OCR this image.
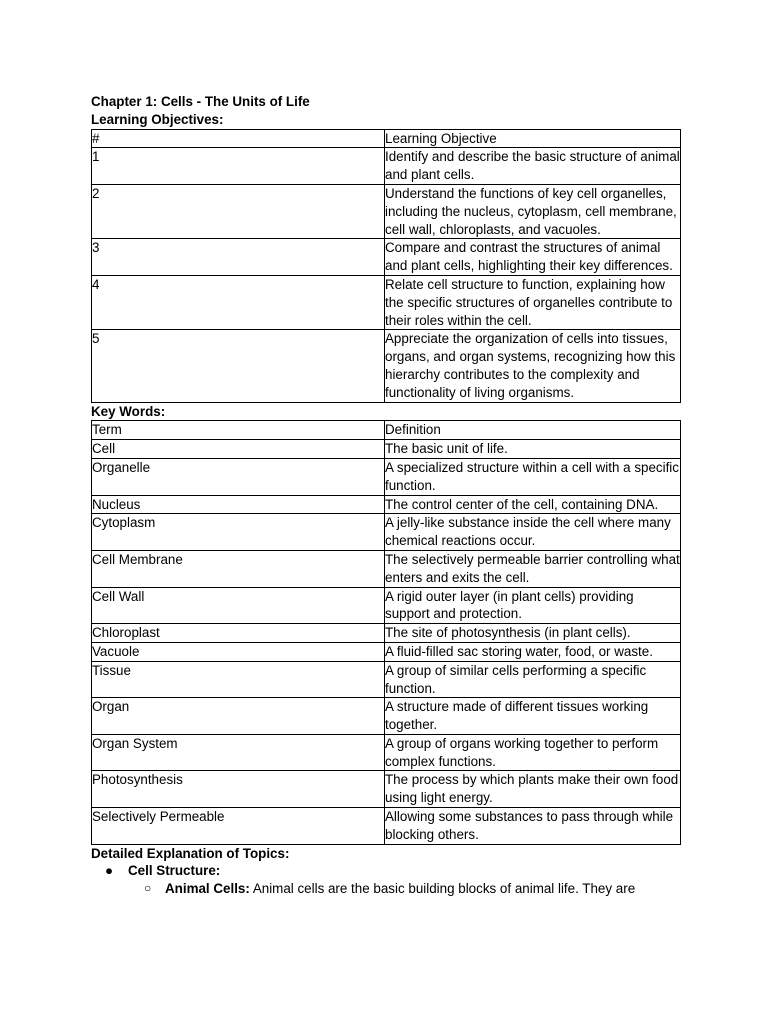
Chapter 1: Cells - The Units of Life

Learning Objectives:

#	Learning Objective
1	Identify and describe the basic structure of animal and plant cells.
2	Understand the functions of key cell organelles, including the nucleus, cytoplasm, cell membrane, cell wall, chloroplasts, and vacuoles.
3	Compare and contrast the structures of animal and plant cells, highlighting their key differences.
4	Relate cell structure to function, explaining how the specific structures of organelles contribute to their roles within the cell.
5	Appreciate the organization of cells into tissues, organs, and organ systems, recognizing how this hierarchy contributes to the complexity and functionality of living organisms.

Key Words:

Term	Definition
Cell	The basic unit of life.
Organelle	A specialized structure within a cell with a specific function.
Nucleus	The control center of the cell, containing DNA.
Cytoplasm	A jelly-like substance inside the cell where many chemical reactions occur.
Cell Membrane	The selectively permeable barrier controlling what enters and exits the cell.
Cell Wall	A rigid outer layer (in plant cells) providing support and protection.
Chloroplast	The site of photosynthesis (in plant cells).
Vacuole	A fluid-filled sac storing water, food, or waste.
Tissue	A group of similar cells performing a specific function.
Organ	A structure made of different tissues working together.
Organ System	A group of organs working together to perform complex functions.
Photosynthesis	The process by which plants make their own food using light energy.
Selectively Permeable	Allowing some substances to pass through while blocking others.

Detailed Explanation of Topics:

● Cell Structure:
○ Animal Cells: Animal cells are the basic building blocks of animal life. They are
